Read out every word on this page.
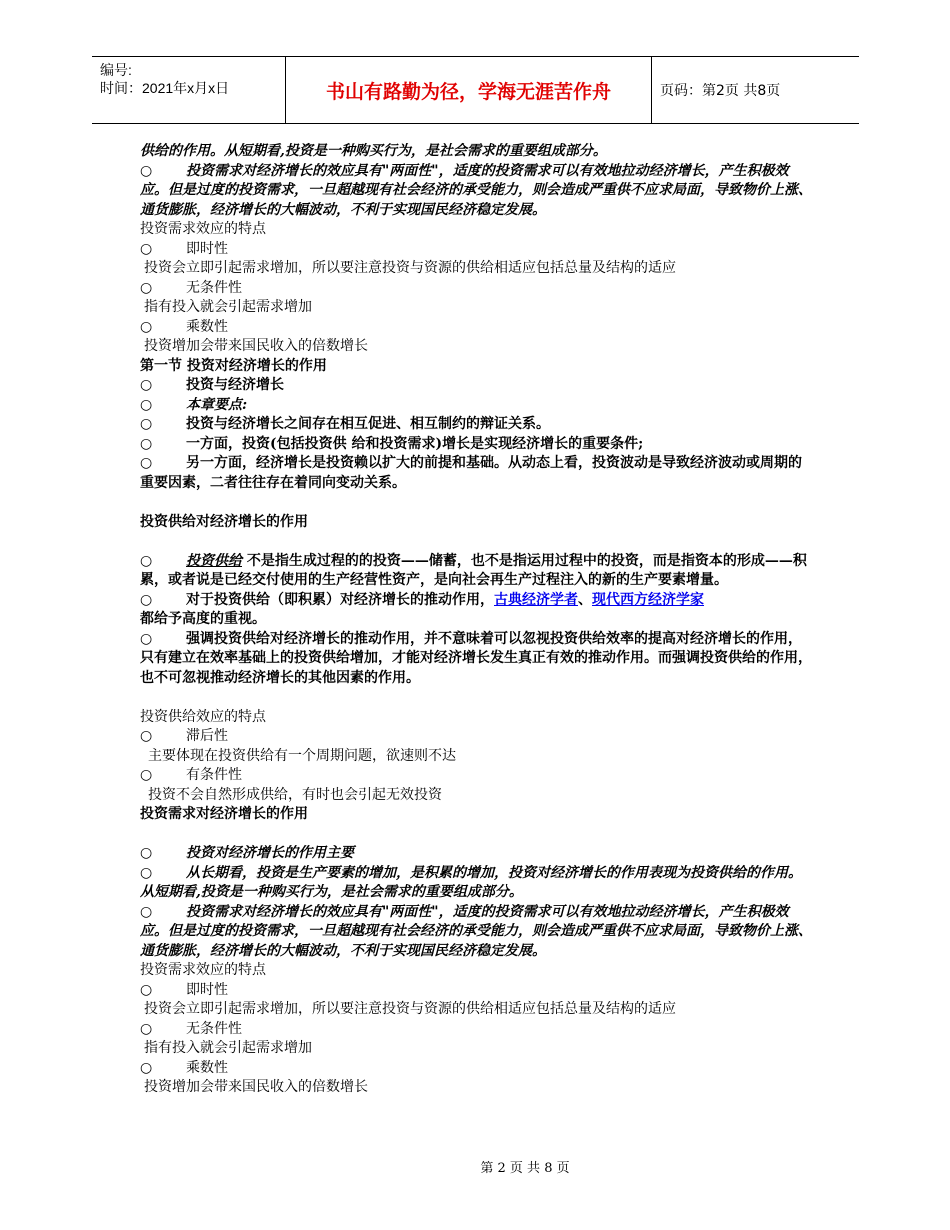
编号:
时间：2021年x月x日	书山有路勤为径，学海无涯苦作舟	页码：第2页 共8页
供给的作用。从短期看,投资是一种购买行为，是社会需求的重要组成部分。
○ 投资需求对经济增长的效应具有"两面性"，适度的投资需求可以有效地拉动经济增长，产生积极效应。但是过度的投资需求，一旦超越现有社会经济的承受能力，则会造成严重供不应求局面，导致物价上涨、通货膨胀，经济增长的大幅波动，不利于实现国民经济稳定发展。
投资需求效应的特点
○ 即时性
投资会立即引起需求增加，所以要注意投资与资源的供给相适应包括总量及结构的适应
○ 无条件性
指有投入就会引起需求增加
○ 乘数性
投资增加会带来国民收入的倍数增长
第一节 投资对经济增长的作用
○ 投资与经济增长
○ 本章要点:
○ 投资与经济增长之间存在相互促进、相互制约的辩证关系。
○ 一方面，投资(包括投资供 给和投资需求)增长是实现经济增长的重要条件;
○ 另一方面，经济增长是投资赖以扩大的前提和基础。从动态上看，投资波动是导致经济波动或周期的重要因素，二者往往存在着同向变动关系。
投资供给对经济增长的作用
○ 投资供给 不是指生成过程的的投资——储蓄，也不是指运用过程中的投资，而是指资本的形成——积累，或者说是已经交付使用的生产经营性资产，是向社会再生产过程注入的新的生产要素增量。
○ 对于投资供给（即积累）对经济增长的推动作用，古典经济学者、现代西方经济学家
都给予高度的重视。
○ 强调投资供给对经济增长的推动作用，并不意味着可以忽视投资供给效率的提高对经济增长的作用，只有建立在效率基础上的投资供给增加，才能对经济增长发生真正有效的推动作用。而强调投资供给的作用，也不可忽视推动经济增长的其他因素的作用。
投资供给效应的特点
○ 滞后性
主要体现在投资供给有一个周期问题，欲速则不达
○ 有条件性
投资不会自然形成供给，有时也会引起无效投资
投资需求对经济增长的作用
○ 投资对经济增长的作用主要
○ 从长期看，投资是生产要素的增加，是积累的增加，投资对经济增长的作用表现为投资供给的作用。从短期看,投资是一种购买行为，是社会需求的重要组成部分。
○ 投资需求对经济增长的效应具有"两面性"，适度的投资需求可以有效地拉动经济增长，产生积极效应。但是过度的投资需求，一旦超越现有社会经济的承受能力，则会造成严重供不应求局面，导致物价上涨、通货膨胀，经济增长的大幅波动，不利于实现国民经济稳定发展。
投资需求效应的特点
○ 即时性
投资会立即引起需求增加，所以要注意投资与资源的供给相适应包括总量及结构的适应
○ 无条件性
指有投入就会引起需求增加
○ 乘数性
投资增加会带来国民收入的倍数增长
第 2 页 共 8 页
